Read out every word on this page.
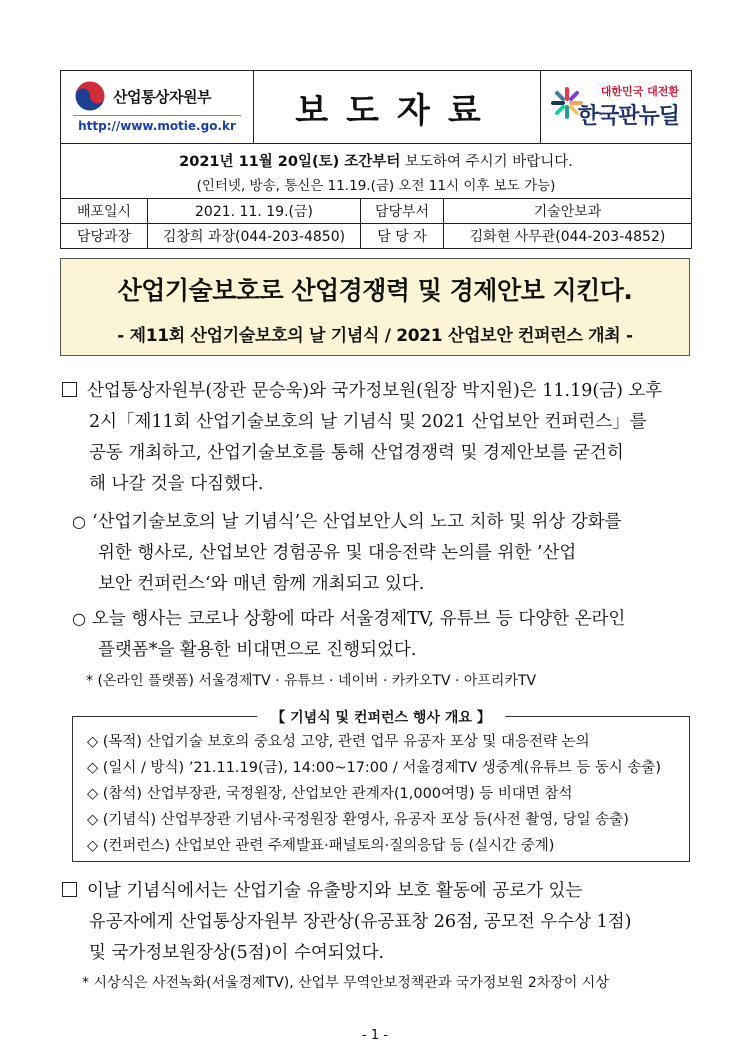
산업통상자원부
http://www.motie.go.kr	보도자료	대한민국 대전환
한국판뉴딜
2021년 11월 20일(토) 조간부터 보도하여 주시기 바랍니다.
(인터넷, 방송, 통신은 11.19.(금) 오전 11시 이후 보도 가능)
배포일시	2021. 11. 19.(금)	담당부서	기술안보과
담당과장	김창희 과장(044-203-4850)	담 당 자	김화현 사무관(044-203-4852)
산업기술보호로 산업경쟁력 및 경제안보 지킨다.
- 제11회 산업기술보호의 날 기념식 / 2021 산업보안 컨퍼런스 개최 -
산업통상자원부(장관 문승욱)와 국가정보원(원장 박지원)은 11.19(금) 오후
2시「제11회 산업기술보호의 날 기념식 및 2021 산업보안 컨퍼런스」를
공동 개최하고, 산업기술보호를 통해 산업경쟁력 및 경제안보를 굳건히
해 나갈 것을 다짐했다.
○ ‘산업기술보호의 날 기념식’은 산업보안人의 노고 치하 및 위상 강화를
위한 행사로, 산업보안 경험공유 및 대응전략 논의를 위한 ’산업
보안 컨퍼런스‘와 매년 함께 개최되고 있다.
○ 오늘 행사는 코로나 상황에 따라 서울경제TV, 유튜브 등 다양한 온라인
플랫폼*을 활용한 비대면으로 진행되었다.
* (온라인 플랫폼) 서울경제TV · 유튜브 · 네이버 · 카카오TV · 아프리카TV
【 기념식 및 컨퍼런스 행사 개요 】
◇ (목적) 산업기술 보호의 중요성 고양, 관련 업무 유공자 포상 및 대응전략 논의
◇ (일시 / 방식) ’21.11.19(금), 14:00~17:00 / 서울경제TV 생중계(유튜브 등 동시 송출)
◇ (참석) 산업부장관, 국정원장, 산업보안 관계자(1,000여명) 등 비대면 참석
◇ (기념식) 산업부장관 기념사·국정원장 환영사, 유공자 포상 등(사전 촬영, 당일 송출)
◇ (컨퍼런스) 산업보안 관련 주제발표·패널토의·질의응답 등 (실시간 중계)
이날 기념식에서는 산업기술 유출방지와 보호 활동에 공로가 있는
유공자에게 산업통상자원부 장관상(유공표창 26점, 공모전 우수상 1점)
및 국가정보원장상(5점)이 수여되었다.
* 시상식은 사전녹화(서울경제TV), 산업부 무역안보정책관과 국가정보원 2차장이 시상
- 1 -
